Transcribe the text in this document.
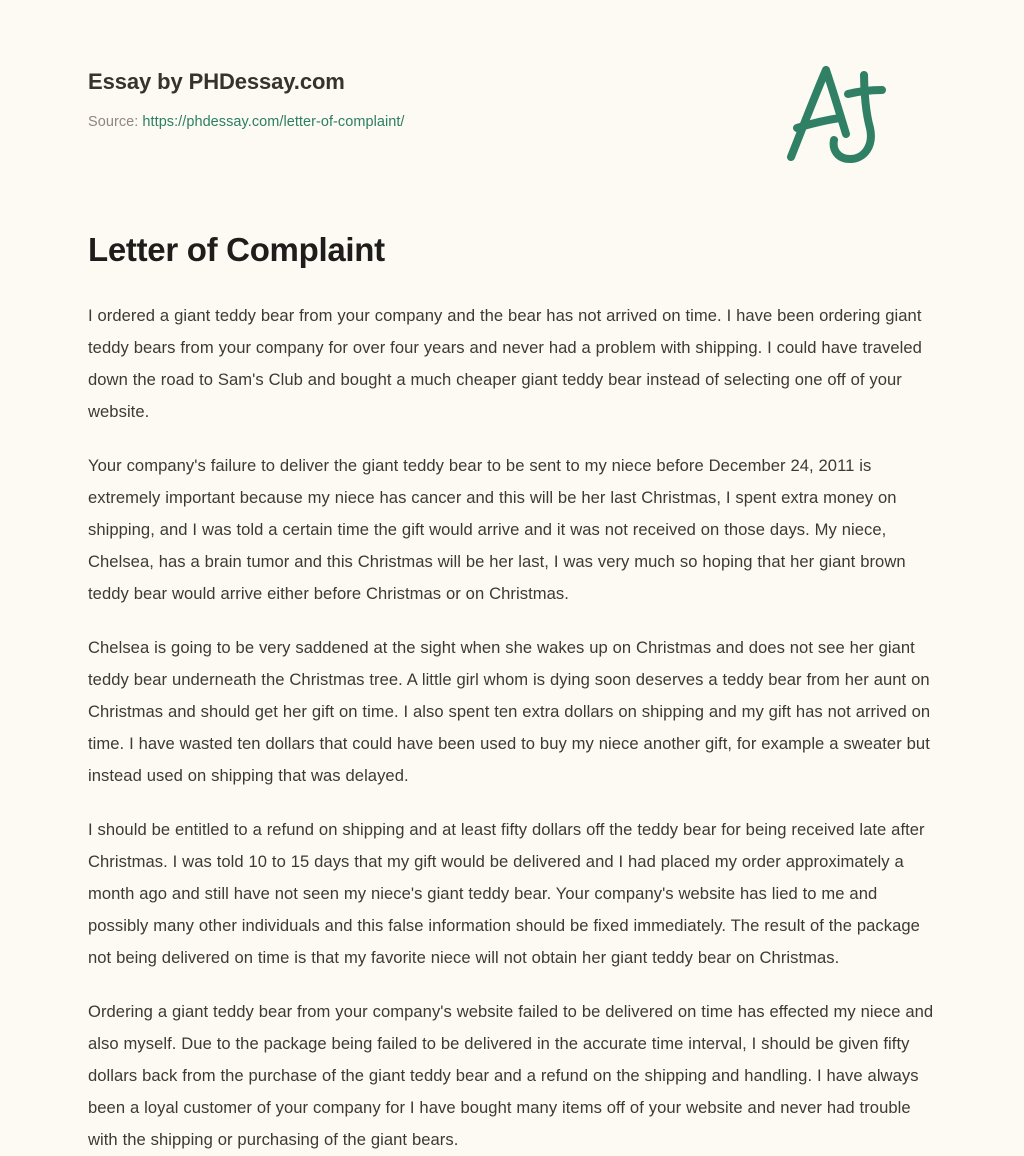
Essay by PHDessay.com
Source: https://phdessay.com/letter-of-complaint/
Letter of Complaint

I ordered a giant teddy bear from your company and the bear has not arrived on time. I have been ordering giant teddy bears from your company for over four years and never had a problem with shipping. I could have traveled down the road to Sam's Club and bought a much cheaper giant teddy bear instead of selecting one off of your website.

Your company's failure to deliver the giant teddy bear to be sent to my niece before December 24, 2011 is extremely important because my niece has cancer and this will be her last Christmas, I spent extra money on shipping, and I was told a certain time the gift would arrive and it was not received on those days. My niece, Chelsea, has a brain tumor and this Christmas will be her last, I was very much so hoping that her giant brown teddy bear would arrive either before Christmas or on Christmas.

Chelsea is going to be very saddened at the sight when she wakes up on Christmas and does not see her giant teddy bear underneath the Christmas tree. A little girl whom is dying soon deserves a teddy bear from her aunt on Christmas and should get her gift on time. I also spent ten extra dollars on shipping and my gift has not arrived on time. I have wasted ten dollars that could have been used to buy my niece another gift, for example a sweater but instead used on shipping that was delayed.

I should be entitled to a refund on shipping and at least fifty dollars off the teddy bear for being received late after Christmas. I was told 10 to 15 days that my gift would be delivered and I had placed my order approximately a month ago and still have not seen my niece's giant teddy bear. Your company's website has lied to me and possibly many other individuals and this false information should be fixed immediately. The result of the package not being delivered on time is that my favorite niece will not obtain her giant teddy bear on Christmas.

Ordering a giant teddy bear from your company's website failed to be delivered on time has effected my niece and also myself. Due to the package being failed to be delivered in the accurate time interval, I should be given fifty dollars back from the purchase of the giant teddy bear and a refund on the shipping and handling. I have always been a loyal customer of your company for I have bought many items off of your website and never had trouble with the shipping or purchasing of the giant bears.
